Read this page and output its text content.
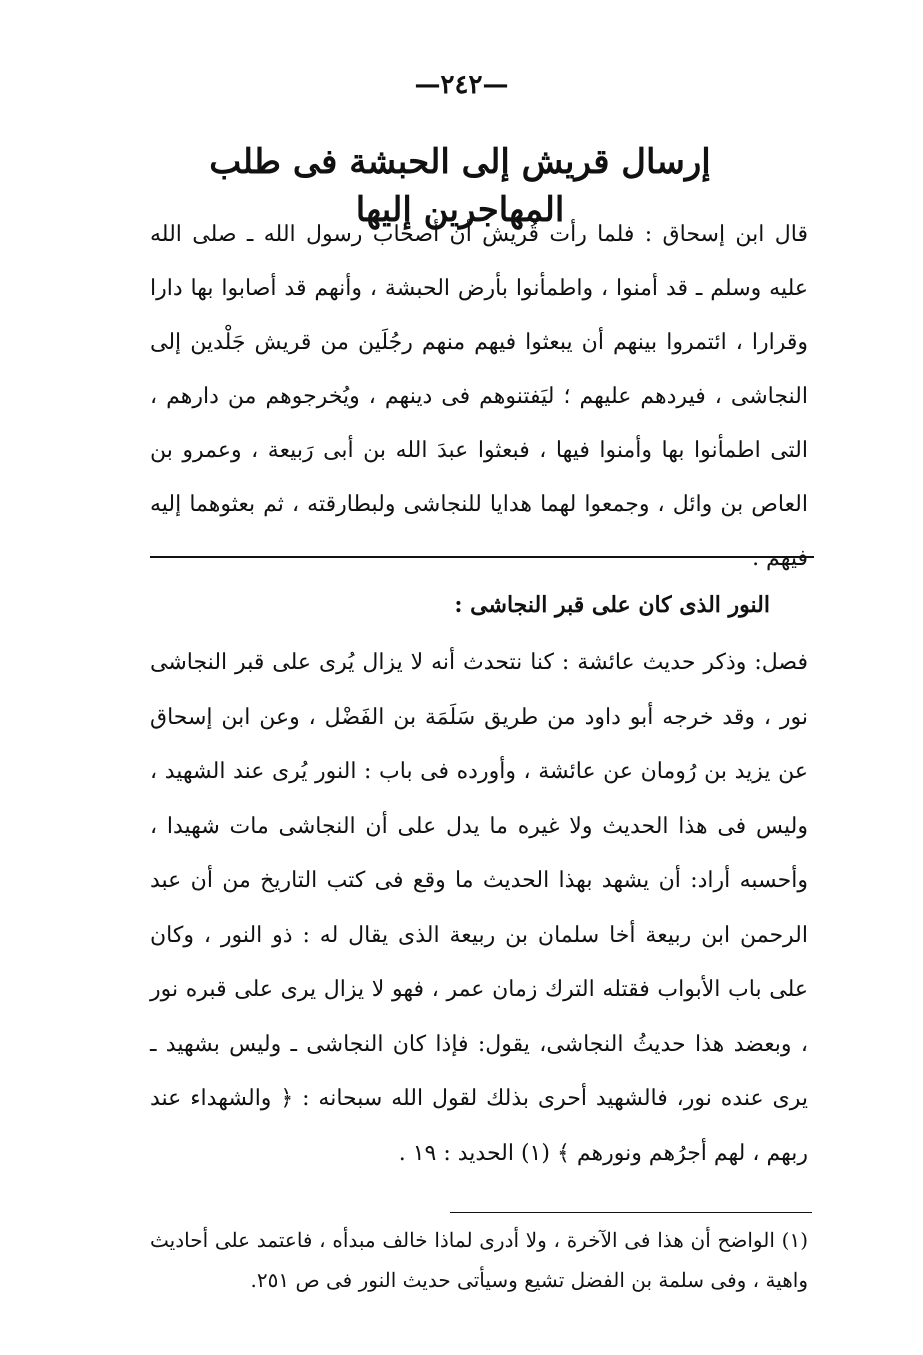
—٢٤٢—
إرسال قريش إلى الحبشة فى طلب المهاجرين إليها

قال ابن إسحاق : فلما رأت قُريش أن أصحاب رسول الله ـ صلى الله عليه وسلم ـ قد أمنوا ، واطمأنوا بأرض الحبشة ، وأنهم قد أصابوا بها دارا وقرارا ، ائتمروا بينهم أن يبعثوا فيهم منهم رجُلَين من قريش جَلْدين إلى النجاشى ، فيردهم عليهم ؛ ليَفتنوهم فى دينهم ، ويُخرجوهم من دارهم ، التى اطمأنوا بها وأمنوا فيها ، فبعثوا عبدَ الله بن أبى رَبيعة ، وعمرو بن العاص بن وائل ، وجمعوا لهما هدايا للنجاشى ولبطارقته ، ثم بعثوهما إليه فيهم .

النور الذى كان على قبر النجاشى :

فصل: وذكر حديث عائشة : كنا نتحدث أنه لا يزال يُرى على قبر النجاشى نور ، وقد خرجه أبو داود من طريق سَلَمَة بن الفَضْل ، وعن ابن إسحاق عن يزيد بن رُومان عن عائشة ، وأورده فى باب : النور يُرى عند الشهيد ، وليس فى هذا الحديث ولا غيره ما يدل على أن النجاشى مات شهيدا ، وأحسبه أراد: أن يشهد بهذا الحديث ما وقع فى كتب التاريخ من أن عبد الرحمن ابن ربيعة أخا سلمان بن ربيعة الذى يقال له : ذو النور ، وكان على باب الأبواب فقتله الترك زمان عمر ، فهو لا يزال يرى على قبره نور ، وبعضد هذا حديثُ النجاشى، يقول: فإذا كان النجاشى ـ وليس بشهيد ـ يرى عنده نور، فالشهيد أحرى بذلك لقول الله سبحانه : ﴿ والشهداء عند ربهم ، لهم أجرُهم ونورهم ﴾ (١) الحديد : ١٩ .

(١) الواضح أن هذا فى الآخرة ، ولا أدرى لماذا خالف مبدأه ، فاعتمد على أحاديث واهية ، وفى سلمة بن الفضل تشيع وسيأتى حديث النور فى ص ٢٥١.
